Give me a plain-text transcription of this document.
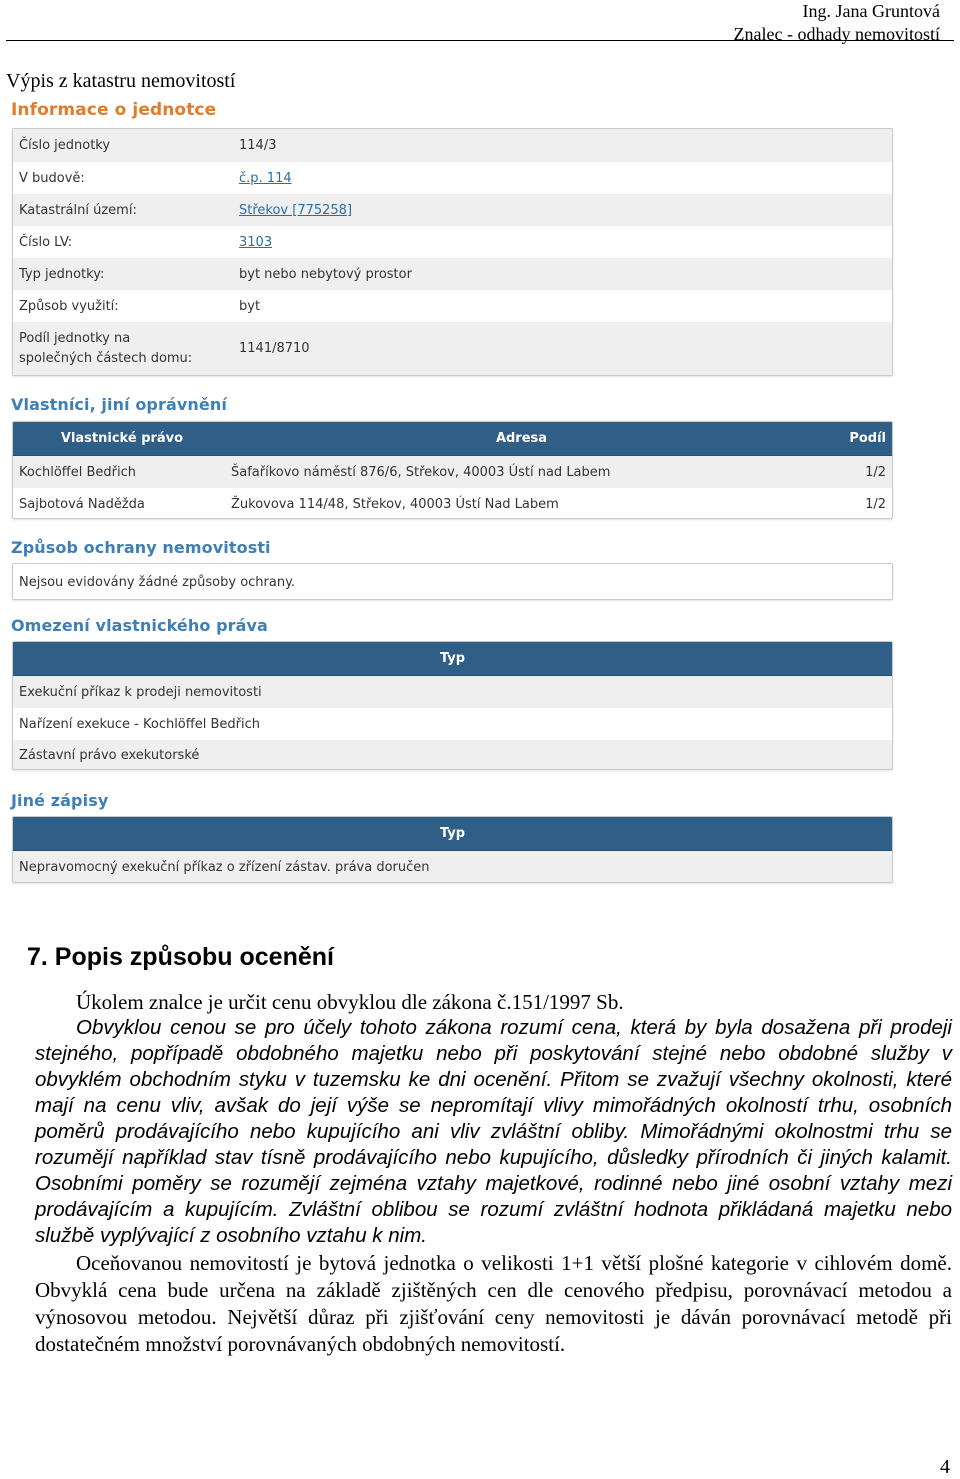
Ing. Jana Gruntová
Znalec - odhady nemovitostí
Výpis z katastru nemovitostí
Informace o jednotce
Číslo jednotky	114/3
V budově:	č.p. 114
Katastrální území:	Střekov [775258]
Číslo LV:	3103
Typ jednotky:	byt nebo nebytový prostor
Způsob využití:	byt
Podíl jednotky na
společných částech domu:
1141/8710
Vlastníci, jiní oprávnění
Vlastnické právo	Adresa	Podíl
Kochlöffel Bedřich	Šafaříkovo náměstí 876/6, Střekov, 40003 Ústí nad Labem	1/2
Sajbotová Naděžda	Žukovova 114/48, Střekov, 40003 Ústí Nad Labem	1/2
Způsob ochrany nemovitosti
Nejsou evidovány žádné způsoby ochrany.
Omezení vlastnického práva
Typ
Exekuční příkaz k prodeji nemovitosti
Nařízení exekuce - Kochlöffel Bedřich
Zástavní právo exekutorské
Jiné zápisy
Typ
Nepravomocný exekuční příkaz o zřízení zástav. práva doručen
7. Popis způsobu ocenění
Úkolem znalce je určit cenu obvyklou dle zákona č.151/1997 Sb.
Obvyklou cenou se pro účely tohoto zákona rozumí cena, která by byla dosažena při prodeji stejného, popřípadě obdobného majetku nebo při poskytování stejné nebo obdobné služby v obvyklém obchodním styku v tuzemsku ke dni ocenění. Přitom se zvažují všechny okolnosti, které mají na cenu vliv, avšak do její výše se nepromítají vlivy mimořádných okolností trhu, osobních poměrů prodávajícího nebo kupujícího ani vliv zvláštní obliby. Mimořádnými okolnostmi trhu se rozumějí například stav tísně prodávajícího nebo kupujícího, důsledky přírodních či jiných kalamit. Osobními poměry se rozumějí zejména vztahy majetkové, rodinné nebo jiné osobní vztahy mezi prodávajícím a kupujícím. Zvláštní oblibou se rozumí zvláštní hodnota přikládaná majetku nebo službě vyplývající z osobního vztahu k nim.
Oceňovanou nemovitostí je bytová jednotka o velikosti 1+1 větší plošné kategorie v cihlovém domě. Obvyklá cena bude určena na základě zjištěných cen dle cenového předpisu, porovnávací metodou a výnosovou metodou. Největší důraz při zjišťování ceny nemovitosti je dáván porovnávací metodě při dostatečném množství porovnávaných obdobných nemovitostí.
4
